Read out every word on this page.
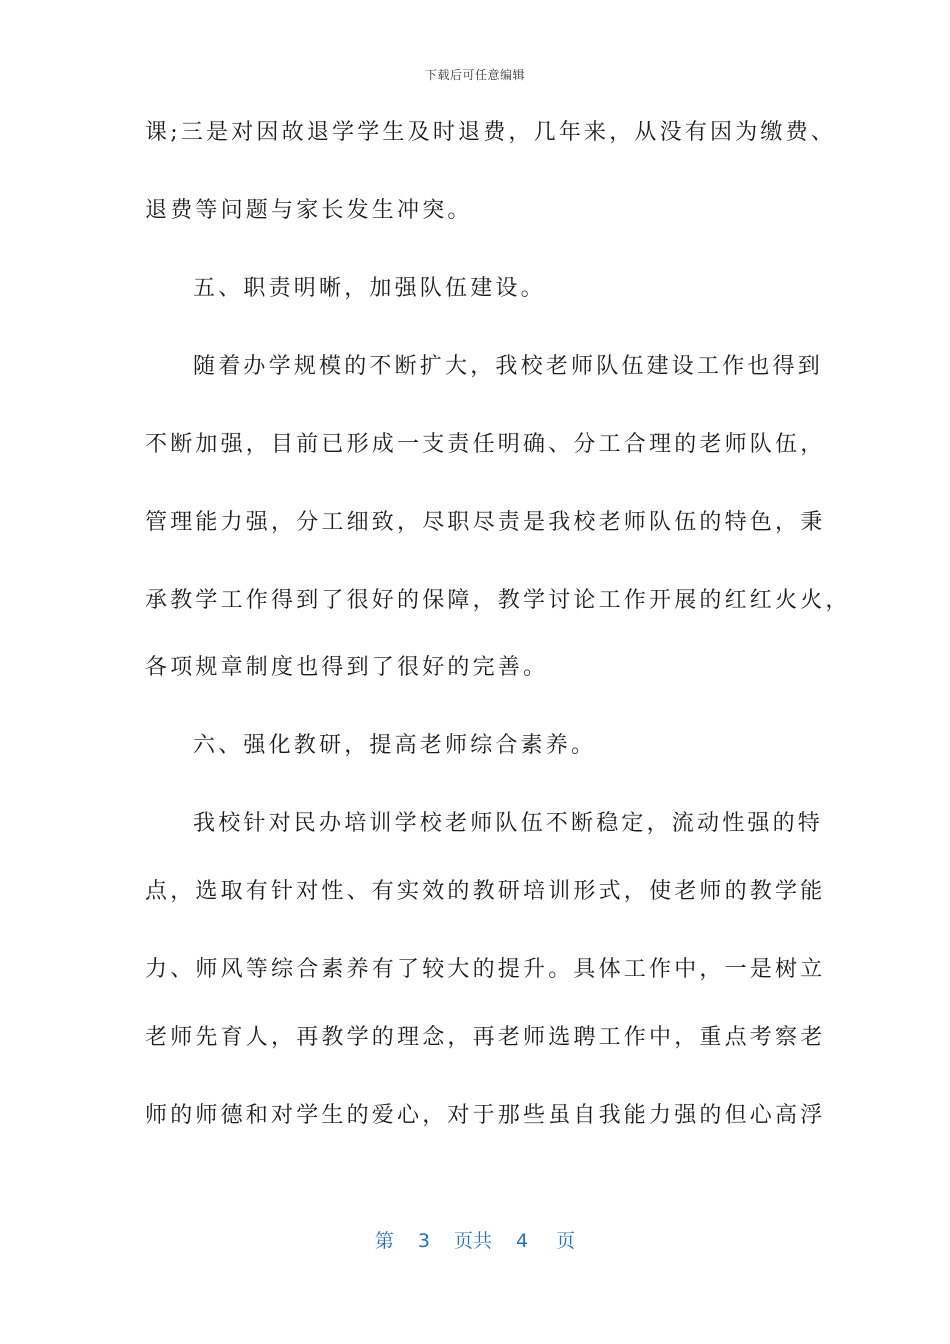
下载后可任意编辑
课;三是对因故退学学生及时退费，几年来，从没有因为缴费、
退费等问题与家长发生冲突。
五、职责明晰，加强队伍建设。
随着办学规模的不断扩大，我校老师队伍建设工作也得到
不断加强，目前已形成一支责任明确、分工合理的老师队伍，
管理能力强，分工细致，尽职尽责是我校老师队伍的特色，秉
承教学工作得到了很好的保障，教学讨论工作开展的红红火火，
各项规章制度也得到了很好的完善。
六、强化教研，提高老师综合素养。
我校针对民办培训学校老师队伍不断稳定，流动性强的特
点，选取有针对性、有实效的教研培训形式，使老师的教学能
力、师风等综合素养有了较大的提升。具体工作中，一是树立
老师先育人，再教学的理念，再老师选聘工作中，重点考察老
师的师德和对学生的爱心，对于那些虽自我能力强的但心高浮
第 3 页共 4 页
